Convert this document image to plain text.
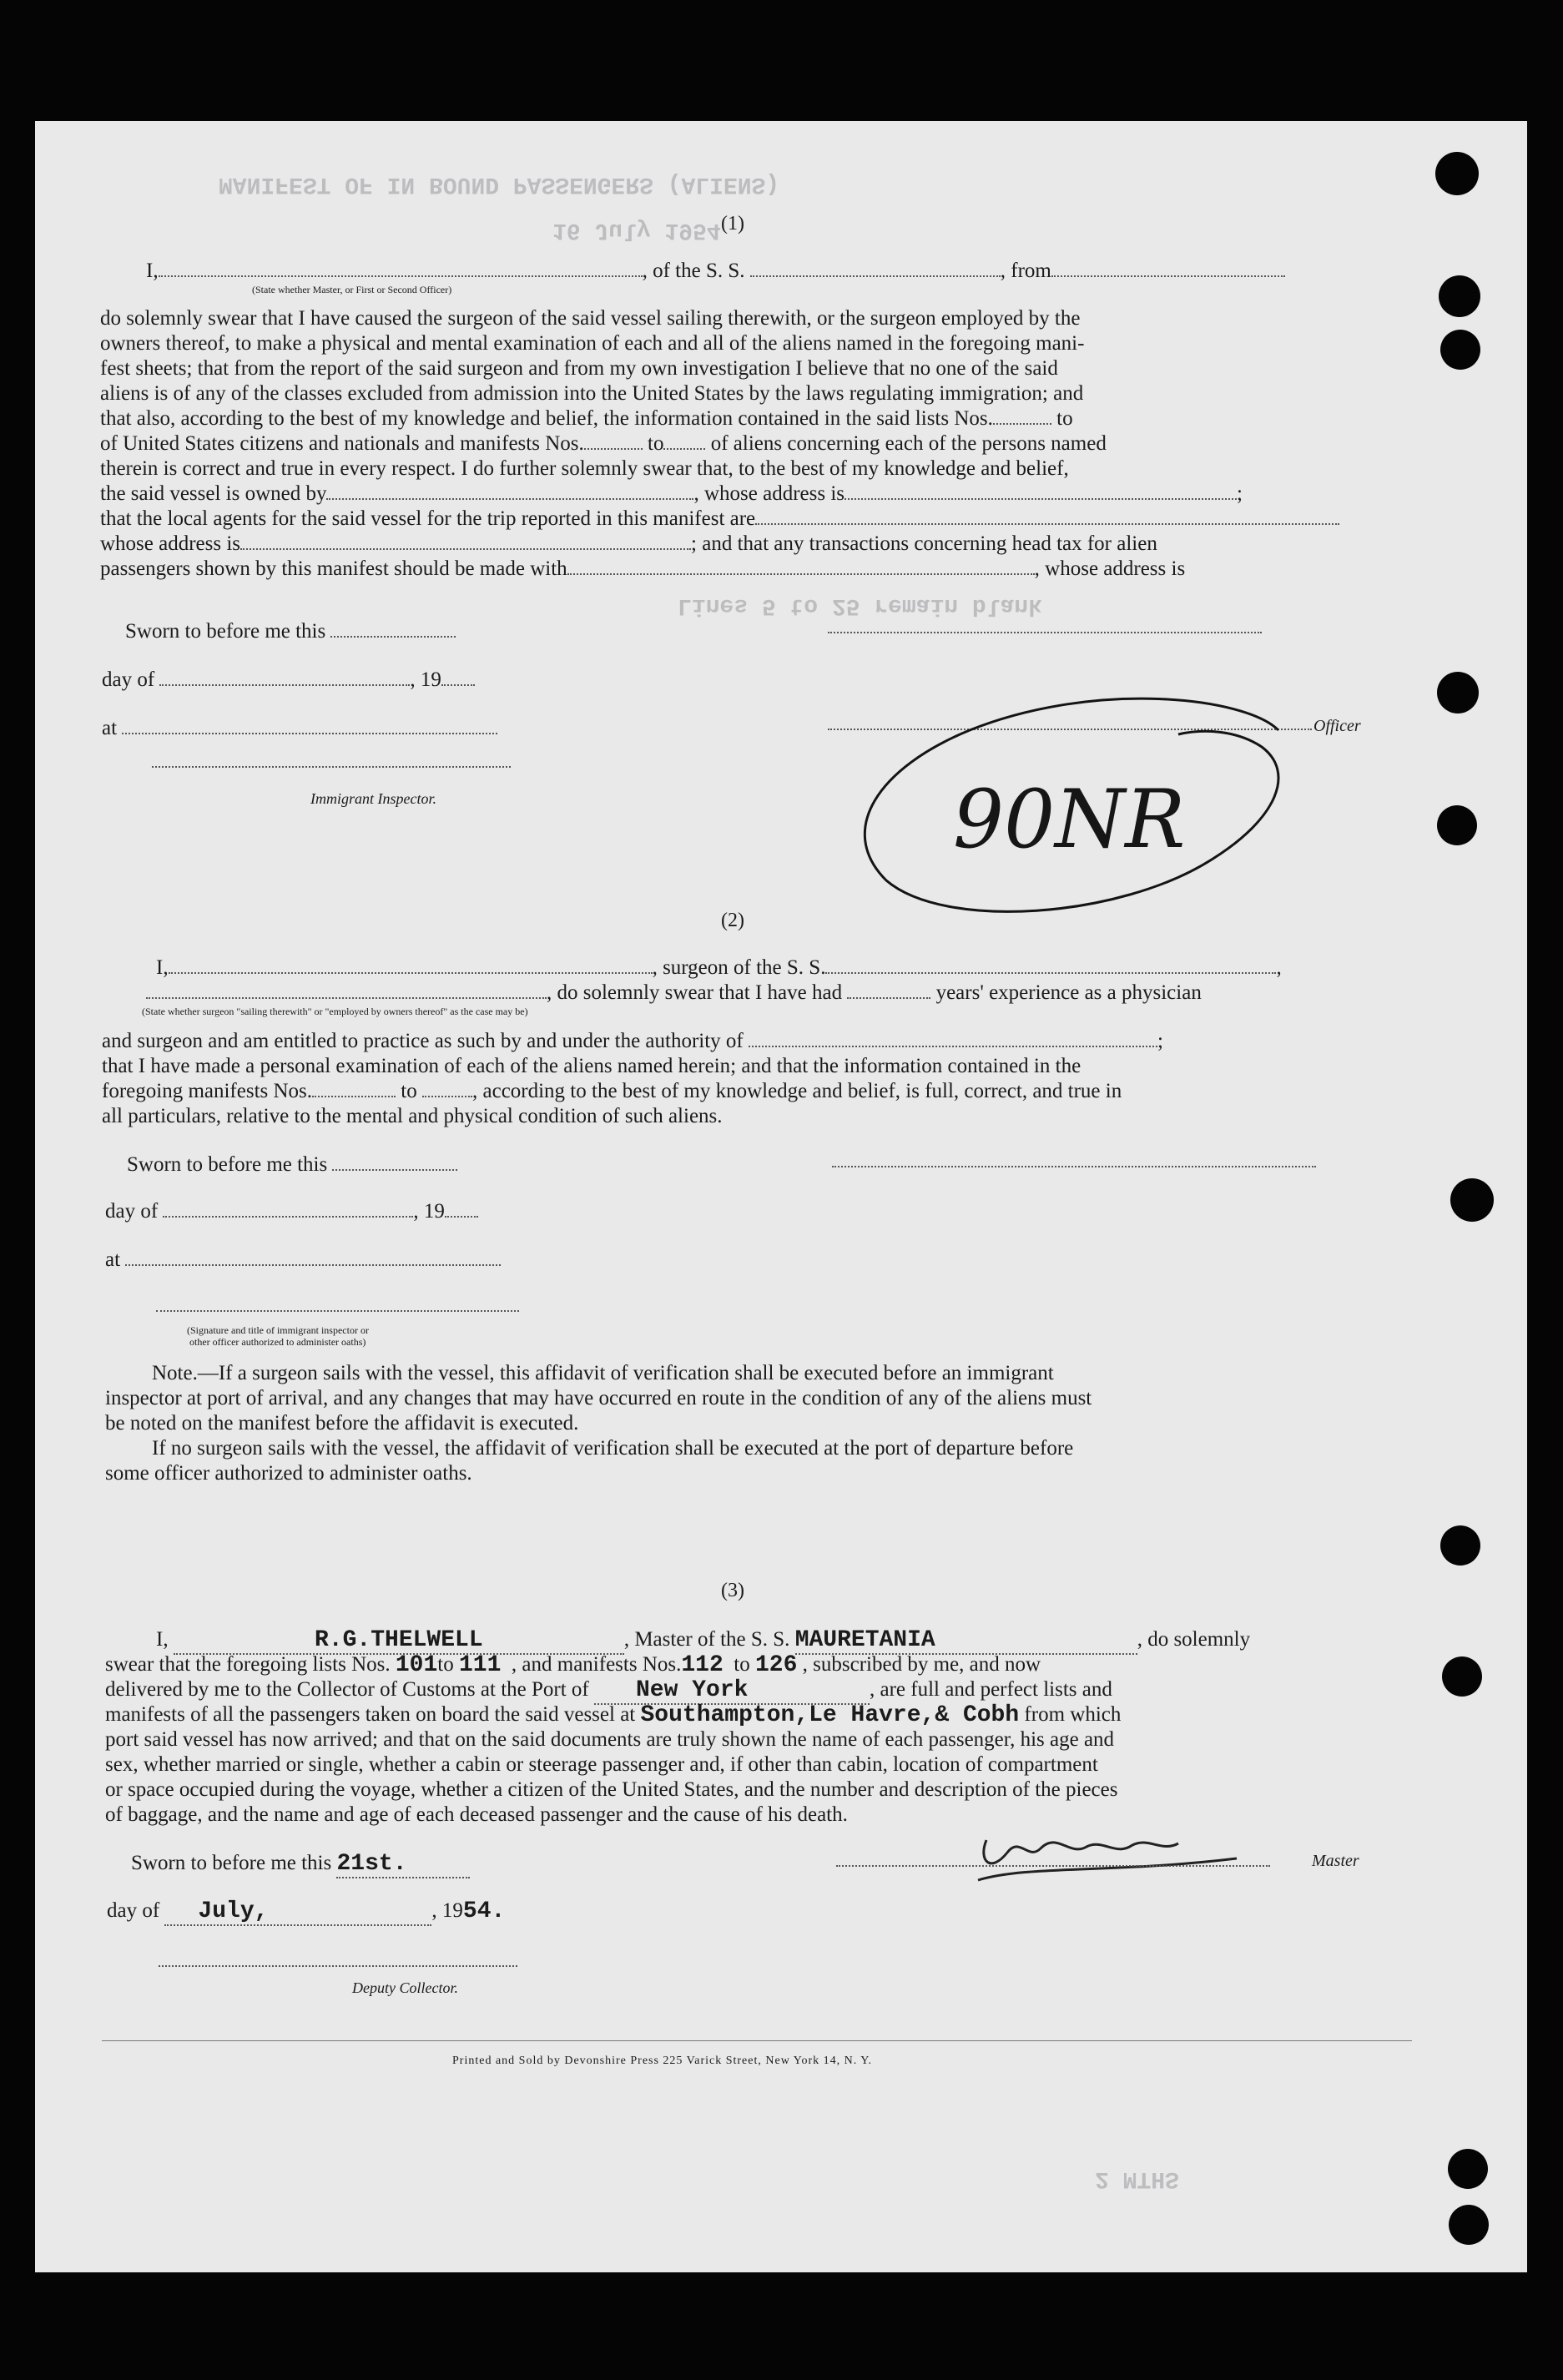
MANIFEST OF IN BOUND PASSENGERS (ALIENS)
16 July 1954
Lines 5 to 25 remain blank
2 MTHS
(1)
I,	, of the S. S.	, from
(State whether Master, or First or Second Officer)
do solemnly swear that I have caused the surgeon of the said vessel sailing therewith, or the surgeon employed by the
owners thereof, to make a physical and mental examination of each and all of the aliens named in the foregoing mani-
fest sheets; that from the report of the said surgeon and from my own investigation I believe that no one of the said
aliens is of any of the classes excluded from admission into the United States by the laws regulating immigration; and
that also, according to the best of my knowledge and belief, the information contained in the said lists Nos.	to
of United States citizens and nationals and manifests Nos.	to of aliens concerning each of the persons named
therein is correct and true in every respect. I do further solemnly swear that, to the best of my knowledge and belief,
the said vessel is owned by	, whose address is	;
that the local agents for the said vessel for the trip reported in this manifest are
whose address is	; and that any transactions concerning head tax for alien
passengers shown by this manifest should be made with	, whose address is
Sworn to before me this
day of	, 19
at	Officer
Immigrant Inspector.	90NR
(2)
I,	, surgeon of the S. S.	,
, do solemnly swear that I have had	years' experience as a physician
(State whether surgeon "sailing therewith" or "employed by owners thereof" as the case may be)
and surgeon and am entitled to practice as such by and under the authority of	;
that I have made a personal examination of each of the aliens named herein; and that the information contained in the
foregoing manifests Nos.	to	, according to the best of my knowledge and belief, is full, correct, and true in
all particulars, relative to the mental and physical condition of such aliens.
Sworn to before me this
day of	, 19
at
(Signature and title of immigrant inspector or
other officer authorized to administer oaths)
Note.—If a surgeon sails with the vessel, this affidavit of verification shall be executed before an immigrant
inspector at port of arrival, and any changes that may have occurred en route in the condition of any of the aliens must
be noted on the manifest before the affidavit is executed.
If no surgeon sails with the vessel, the affidavit of verification shall be executed at the port of departure before
some officer authorized to administer oaths.
(3)
I,	R.G.THELWELL	, Master of the S. S. MAURETANIA	, do solemnly
swear that the foregoing lists Nos. 101to 111 , and manifests Nos.112 to 126 , subscribed by me, and now
delivered by me to the Collector of Customs at the Port of New York	, are full and perfect lists and
manifests of all the passengers taken on board the said vessel at Southampton,Le Havre,& Cobh from which
port said vessel has now arrived; and that on the said documents are truly shown the name of each passenger, his age and
sex, whether married or single, whether a cabin or steerage passenger and, if other than cabin, location of compartment
or space occupied during the voyage, whether a citizen of the United States, and the number and description of the pieces
of baggage, and the name and age of each deceased passenger and the cause of his death.
Sworn to before me this 21st.	Master
day of July,	, 1954.
Deputy Collector.
Printed and Sold by Devonshire Press 225 Varick Street, New York 14, N. Y.
